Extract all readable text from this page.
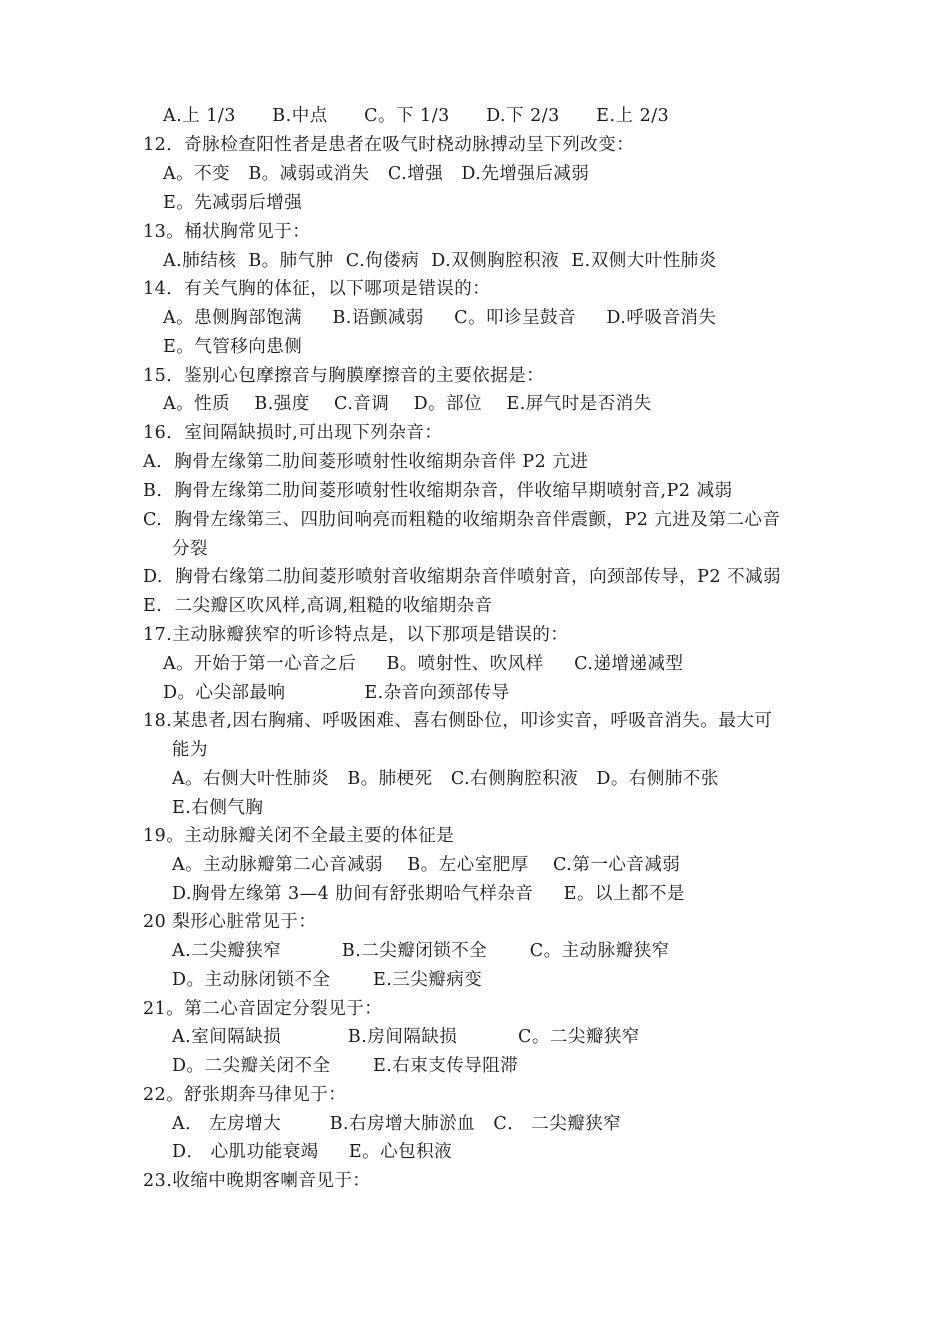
A.上 1/3      B.中点      C。下 1/3      D.下 2/3      E.上 2/3
12．奇脉检查阳性者是患者在吸气时桡动脉搏动呈下列改变：
A。不变   B。减弱或消失   C.增强   D.先增强后减弱
E。先减弱后增强
13。桶状胸常见于：
A.肺结核  B。肺气肿  C.佝偻病  D.双侧胸腔积液  E.双侧大叶性肺炎
14．有关气胸的体征，以下哪项是错误的：
A。患侧胸部饱满     B.语颤减弱     C。叩诊呈鼓音     D.呼吸音消失
E。气管移向患侧
15．鉴别心包摩擦音与胸膜摩擦音的主要依据是：
A。性质    B.强度    C.音调    D。部位    E.屏气时是否消失
16．室间隔缺损时,可出现下列杂音：
A.  胸骨左缘第二肋间菱形喷射性收缩期杂音伴 P2 亢进
B.  胸骨左缘第二肋间菱形喷射性收缩期杂音，伴收缩早期喷射音,P2 减弱
C.  胸骨左缘第三、四肋间响亮而粗糙的收缩期杂音伴震颤，P2 亢进及第二心音
分裂
D.  胸骨右缘第二肋间菱形喷射音收缩期杂音伴喷射音，向颈部传导，P2 不减弱
E.  二尖瓣区吹风样,高调,粗糙的收缩期杂音
17.主动脉瓣狭窄的听诊特点是，以下那项是错误的：
A。开始于第一心音之后     B。喷射性、吹风样     C.递增递减型
D。心尖部最响             E.杂音向颈部传导
18.某患者,因右胸痛、呼吸困难、喜右侧卧位，叩诊实音，呼吸音消失。最大可
能为
A。右侧大叶性肺炎   B。肺梗死   C.右侧胸腔积液   D。右侧肺不张
E.右侧气胸
19。主动脉瓣关闭不全最主要的体征是
A。主动脉瓣第二心音减弱    B。左心室肥厚    C.第一心音减弱
D.胸骨左缘第 3—4 肋间有舒张期哈气样杂音     E。以上都不是
20 梨形心脏常见于：
A.二尖瓣狭窄          B.二尖瓣闭锁不全       C。主动脉瓣狭窄
D。主动脉闭锁不全       E.三尖瓣病变
21。第二心音固定分裂见于：
A.室间隔缺损           B.房间隔缺损          C。二尖瓣狭窄
D。二尖瓣关闭不全       E.右束支传导阻滞
22。舒张期奔马律见于：
A． 左房增大        B.右房增大肺淤血   C． 二尖瓣狭窄
D． 心肌功能衰竭     E。心包积液
23.收缩中晚期客喇音见于：
